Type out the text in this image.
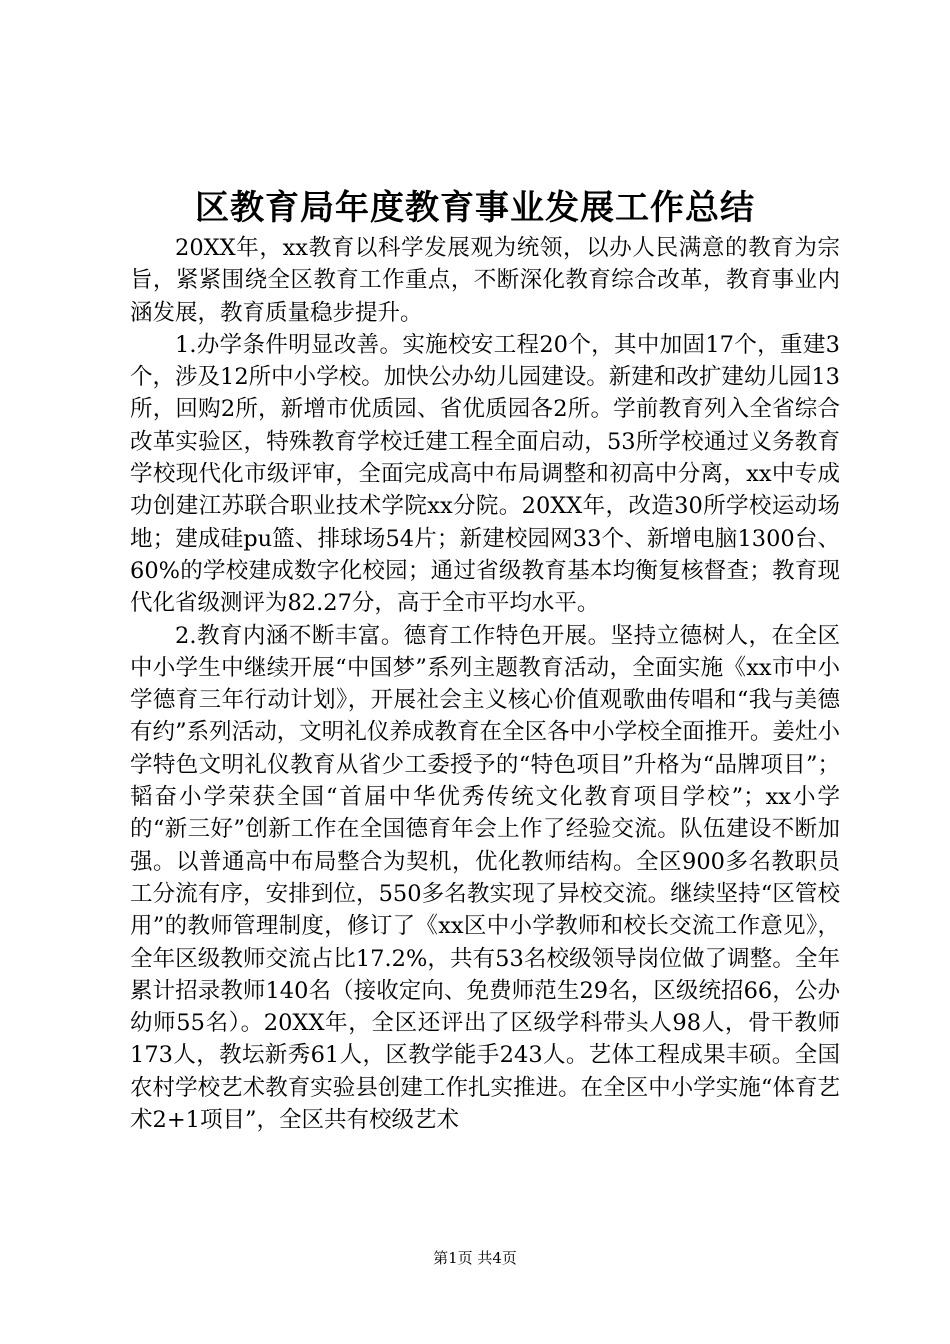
区教育局年度教育事业发展工作总结

20XX年，xx教育以科学发展观为统领，以办人民满意的教育为宗旨，紧紧围绕全区教育工作重点，不断深化教育综合改革，教育事业内涵发展，教育质量稳步提升。

1.办学条件明显改善。实施校安工程20个，其中加固17个，重建3个，涉及12所中小学校。加快公办幼儿园建设。新建和改扩建幼儿园13所，回购2所，新增市优质园、省优质园各2所。学前教育列入全省综合改革实验区，特殊教育学校迁建工程全面启动，53所学校通过义务教育学校现代化市级评审，全面完成高中布局调整和初高中分离，xx中专成功创建江苏联合职业技术学院xx分院。20XX年，改造30所学校运动场地；建成硅pu篮、排球场54片；新建校园网33个、新增电脑1300台、60%的学校建成数字化校园；通过省级教育基本均衡复核督查；教育现代化省级测评为82.27分，高于全市平均水平。

2.教育内涵不断丰富。德育工作特色开展。坚持立德树人，在全区中小学生中继续开展“中国梦”系列主题教育活动，全面实施《xx市中小学德育三年行动计划》，开展社会主义核心价值观歌曲传唱和“我与美德有约”系列活动，文明礼仪养成教育在全区各中小学校全面推开。姜灶小学特色文明礼仪教育从省少工委授予的“特色项目”升格为“品牌项目”；韬奋小学荣获全国“首届中华优秀传统文化教育项目学校”；xx小学的“新三好”创新工作在全国德育年会上作了经验交流。队伍建设不断加强。以普通高中布局整合为契机，优化教师结构。全区900多名教职员工分流有序，安排到位，550多名教实现了异校交流。继续坚持“区管校用”的教师管理制度，修订了《xx区中小学教师和校长交流工作意见》，全年区级教师交流占比17.2%，共有53名校级领导岗位做了调整。全年累计招录教师140名（接收定向、免费师范生29名，区级统招66，公办幼师55名）。20XX年，全区还评出了区级学科带头人98人，骨干教师173人，教坛新秀61人，区教学能手243人。艺体工程成果丰硕。全国农村学校艺术教育实验县创建工作扎实推进。在全区中小学实施“体育艺术2+1项目”，全区共有校级艺术

第1页 共4页
